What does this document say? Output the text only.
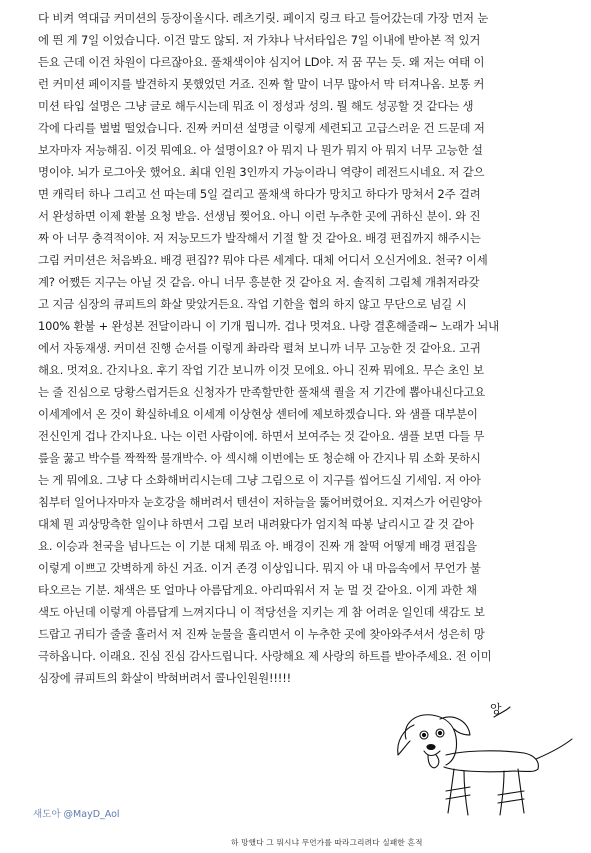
다 비켜 역대급 커미션의 등장이올시다. 레츠기릿. 페이지 링크 타고 들어갔는데 가장 먼저 눈
에 띈 게 7일 이었습니다. 이건 말도 않되. 저 가챠나 낙서타입은 7일 이내에 받아본 적 있거
든요 근데 이건 차원이 다르잖아요. 풀채색이야 심지어 LD야. 저 꿈 꾸는 듯. 왜 저는 여태 이
런 커미션 페이지를 발견하지 못했었던 거죠. 진짜 할 말이 너무 많아서 막 터져나옴. 보통 커
미션 타입 설명은 그냥 글로 해두시는데 뭐죠 이 정성과 성의. 뭘 해도 성공할 것 같다는 생
각에 다리를 벌벌 떨었습니다. 진짜 커미션 설명글 이렇게 세련되고 고급스러운 건 드문데 저
보자마자 저능해짐. 이것 뭐예요. 아 설명이요? 아 뭐지 나 뭔가 뭐지 아 뭐지 너무 고능한 설
명이야. 뇌가 로그아웃 했어요. 최대 인원 3인까지 가능이라니 역량이 레전드시네요. 저 같으
면 캐릭터 하나 그리고 선 따는데 5일 걸리고 풀채색 하다가 망치고 하다가 망쳐서 2주 걸려
서 완성하면 이제 환불 요청 받음. 선생님 찢어요. 아니 이런 누추한 곳에 귀하신 분이. 와 진
짜 아 너무 충격적이야. 저 저능모드가 발작해서 기절 할 것 같아요. 배경 편집까지 해주시는
그림 커미션은 처음봐요. 배경 편집?? 뭐야 다른 세계다. 대체 어디서 오신거에요. 천국? 이세
계? 어쨌든 지구는 아닐 것 같음. 아니 너무 흥분한 것 같아요 저. 솔직히 그림체 개취저라갖
고 지금 심장의 큐피트의 화살 맞았거든요. 작업 기한을 협의 하지 않고 무단으로 넘길 시
100% 환불 + 완성본 전달이라니 이 기개 뭡니까. 겁나 멋져요. 나랑 결혼해줄래~ 노래가 뇌내
에서 자동재생. 커미션 진행 순서를 이렇게 촤라락 펼쳐 보니까 너무 고능한 것 같아요. 고귀
해요. 멋져요. 간지나요. 후기 작업 기간 보니까 이것 모에요. 아니 진짜 뭐에요. 무슨 초인 보
는 줄 진심으로 당황스럽거든요 신청자가 만족할만한 풀채색 퀄을 저 기간에 뽑아내신다고요
이세계에서 온 것이 확실하네요 이세계 이상현상 센터에 제보하겠습니다. 와 샘플 대부분이
전신인게 겁나 간지나요. 나는 이런 사람이에. 하면서 보여주는 것 같아요. 샘플 보면 다들 무
릎을 꿇고 박수를 짝짝짝 물개박수. 아 섹시해 이번에는 또 청순해 아 간지나 뭐 소화 못하시
는 게 뭐에요. 그냥 다 소화해버리시는데 그냥 그림으로 이 지구를 씹어드실 기세임. 저 아아
침부터 일어나자마자 눈호강을 해버려서 텐션이 저하늘을 뚫어버렸어요. 지져스가 어린양아
대체 뭔 괴상망측한 일이냐 하면서 그림 보러 내려왔다가 엄지척 따봉 날리시고 갈 것 같아
요. 이승과 천국을 넘나드는 이 기분 대체 뭐죠 아. 배경이 진짜 개 찰떡 어떻게 배경 편집을
이렇게 이쁘고 갓벽하게 하신 거죠. 이거 존경 이상입니다. 뭐지 아 내 마음속에서 무언가 불
타오르는 기분. 채색은 또 얼마나 아름답게요. 아리따워서 저 눈 멀 것 같아요. 이게 과한 채
색도 아닌데 이렇게 아름답게 느껴지다니 이 적당선을 지키는 게 참 어려운 일인데 색감도 보
드랍고 귀티가 줄줄 흘러서 저 진짜 눈물을 흘리면서 이 누추한 곳에 찾아와주셔서 성은히 망
극하옵니다. 이래요. 진심 진심 감사드립니다. 사랑해요 제 사랑의 하트를 받아주세요. 전 이미
심장에 큐피트의 화살이 박혀버려서 콜나인원원!!!!!
앙
새도아 @MayD_Aol
하 망했다 그 뭐시냐 무언가를 따라그리려다 실패한 흔적
